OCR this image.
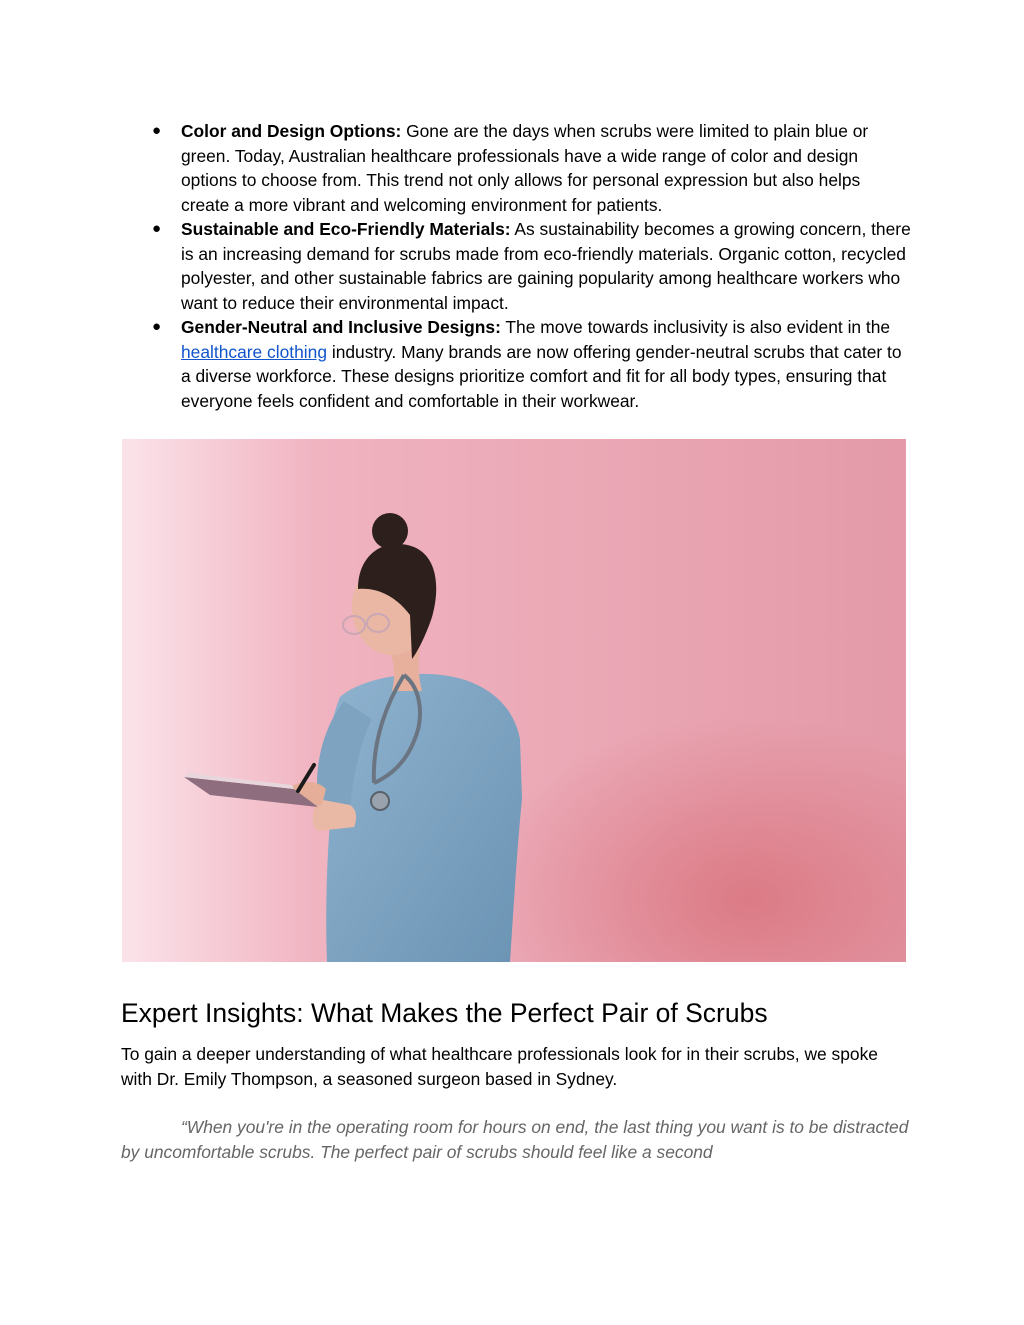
● Color and Design Options: Gone are the days when scrubs were limited to plain blue or green. Today, Australian healthcare professionals have a wide range of color and design options to choose from. This trend not only allows for personal expression but also helps create a more vibrant and welcoming environment for patients.
● Sustainable and Eco-Friendly Materials: As sustainability becomes a growing concern, there is an increasing demand for scrubs made from eco-friendly materials. Organic cotton, recycled polyester, and other sustainable fabrics are gaining popularity among healthcare workers who want to reduce their environmental impact.
● Gender-Neutral and Inclusive Designs: The move towards inclusivity is also evident in the healthcare clothing industry. Many brands are now offering gender-neutral scrubs that cater to a diverse workforce. These designs prioritize comfort and fit for all body types, ensuring that everyone feels confident and comfortable in their workwear.
Expert Insights: What Makes the Perfect Pair of Scrubs

To gain a deeper understanding of what healthcare professionals look for in their scrubs, we spoke with Dr. Emily Thompson, a seasoned surgeon based in Sydney.

“When you're in the operating room for hours on end, the last thing you want is to be distracted by uncomfortable scrubs. The perfect pair of scrubs should feel like a second
